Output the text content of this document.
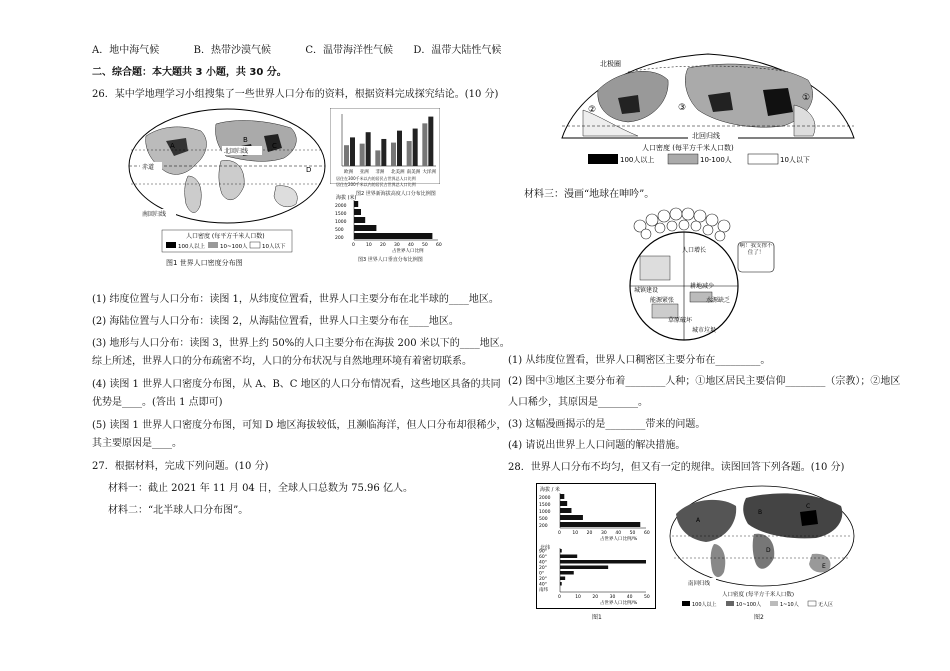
A．地中海气候	B．热带沙漠气候	C．温带海洋性气候 D．温带大陆性气候
二、综合题：本大题共 3 小题，共 30 分。
26．某中学地理学习小组搜集了一些世界人口分布的资料，根据资料完成探究结论。(10 分)
北回归线
赤道
南回归线
A
B
C
D
人口密度 (每平方千米人口数)
100人以上	10~100人	10人以下
图1 世界人口密度分布图
欧洲 亚洲 非洲 北美洲 南美洲 大洋洲
居住在300千米以内的居民占世界总人口比例
居住在200千米以内的居民占世界总人口比例
图2 世界新海拔高度人口分布比例图
海拔 (米)
2000
1500
1000
500
200
0 10 20 30 40 50 60
占世界人口比例
图3 世界人口垂直分布比例图
(1) 纬度位置与人口分布：读图 1，从纬度位置看，世界人口主要分布在北半球的____地区。
(2) 海陆位置与人口分布：读图 2，从海陆位置看，世界人口主要分布在____地区。
(3) 地形与人口分布：读图 3，世界上约 50%的人口主要分布在海拔 200 米以下的____地区。
综上所述，世界人口的分布疏密不均，人口的分布状况与自然地理环境有着密切联系。
(4) 读图 1 世界人口密度分布图，从 A、B、C 地区的人口分布情况看，这些地区具备的共同
优势是____。(答出 1 点即可)
(5) 读图 1 世界人口密度分布图，可知 D 地区海拔较低，且濒临海洋，但人口分布却很稀少，
其主要原因是____。
27．根据材料，完成下列问题。(10 分)
材料一：截止 2021 年 11 月 04 日，全球人口总数为 75.96 亿人。
材料二：“北半球人口分布图”。
北极圈
②	③
①
北回归线
人口密度 (每平方千米人口数)
100人以上	10-100人	10人以下
材料三：漫画“地球在呻吟”。
人口增长
城镇建设
耕地减少
水源缺乏
能源紧张
草原破坏
城市垃圾
啊！我支撑不住了！
(1) 从纬度位置看，世界人口稠密区主要分布在_________。
(2) 图中③地区主要分布着________人种；①地区居民主要信仰________（宗教）；②地区
人口稀少，其原因是________。
(3) 这幅漫画揭示的是________带来的问题。
(4) 请说出世界上人口问题的解决措施。
28．世界人口分布不均匀，但又有一定的规律。读图回答下列各题。(10 分)
海拔 / 米
2000
1500
1000
500
200
0	10 20 30 40 50 60
占世界人口比例/%
北纬
90°
60°
40°
20°
0°
20°
40°
南纬
0	10	20	30	40	50
占世界人口比例/%
图1
南回归线
A
B
C
D
E
人口密度 (每平方千米人口数)
100人以上	10~100人	1~10人	无人区
图2
